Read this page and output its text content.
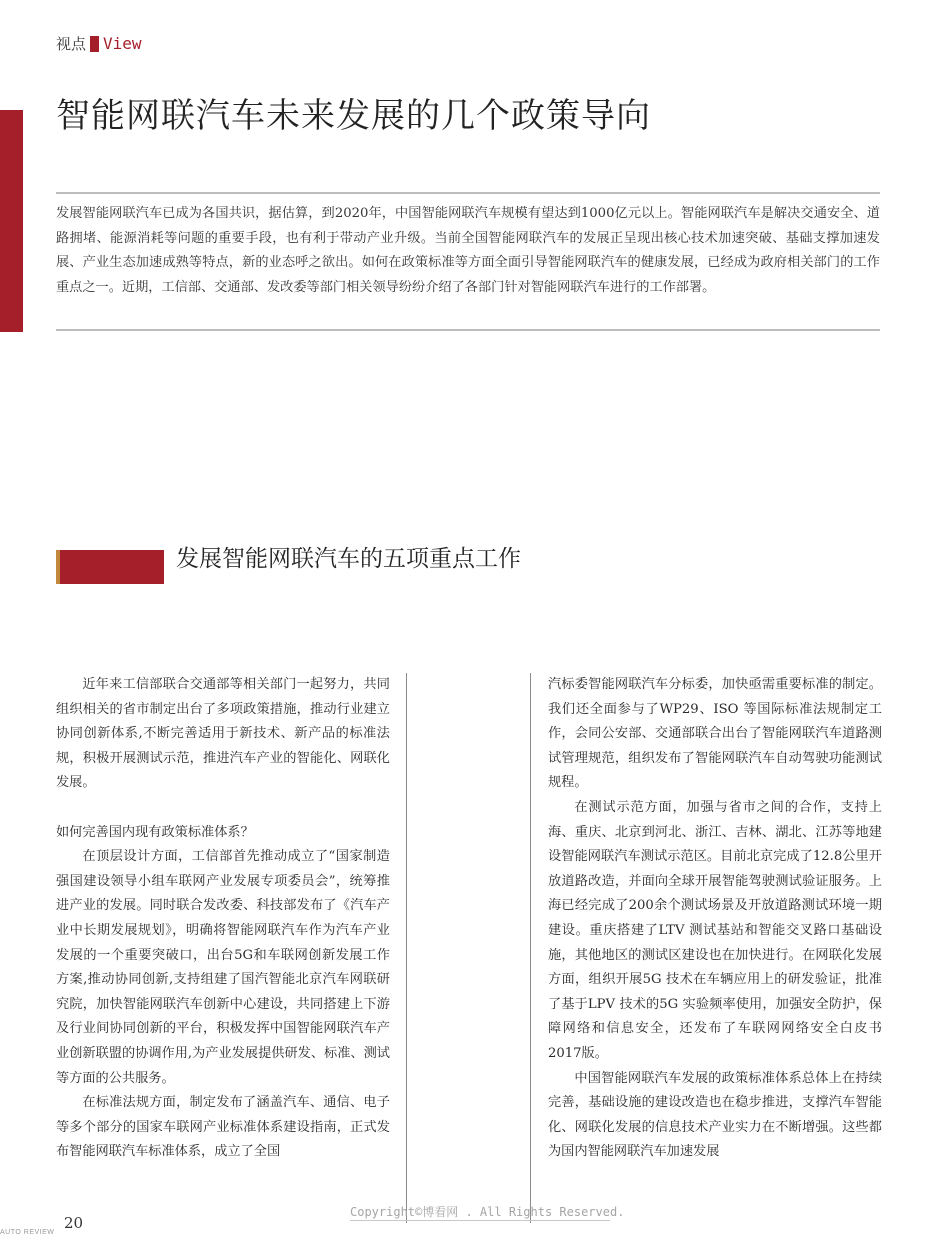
视点 View
智能网联汽车未来发展的几个政策导向
发展智能网联汽车已成为各国共识，据估算，到2020年，中国智能网联汽车规模有望达到1000亿元以上。智能网联汽车是解决交通安全、道路拥堵、能源消耗等问题的重要手段，也有利于带动产业升级。当前全国智能网联汽车的发展正呈现出核心技术加速突破、基础支撑加速发展、产业生态加速成熟等特点，新的业态呼之欲出。如何在政策标准等方面全面引导智能网联汽车的健康发展，已经成为政府相关部门的工作重点之一。近期，工信部、交通部、发改委等部门相关领导纷纷介绍了各部门针对智能网联汽车进行的工作部署。
发展智能网联汽车的五项重点工作

近年来工信部联合交通部等相关部门一起努力，共同组织相关的省市制定出台了多项政策措施，推动行业建立协同创新体系,不断完善适用于新技术、新产品的标准法规，积极开展测试示范，推进汽车产业的智能化、网联化发展。

如何完善国内现有政策标准体系？

在顶层设计方面，工信部首先推动成立了“国家制造强国建设领导小组车联网产业发展专项委员会”，统筹推进产业的发展。同时联合发改委、科技部发布了《汽车产业中长期发展规划》，明确将智能网联汽车作为汽车产业发展的一个重要突破口，出台5G和车联网创新发展工作方案,推动协同创新,支持组建了国汽智能北京汽车网联研究院，加快智能网联汽车创新中心建设，共同搭建上下游及行业间协同创新的平台，积极发挥中国智能网联汽车产业创新联盟的协调作用,为产业发展提供研发、标准、测试等方面的公共服务。

在标准法规方面，制定发布了涵盖汽车、通信、电子等多个部分的国家车联网产业标准体系建设指南，正式发布智能网联汽车标准体系，成立了全国

汽标委智能网联汽车分标委，加快亟需重要标准的制定。我们还全面参与了WP29、ISO 等国际标准法规制定工作，会同公安部、交通部联合出台了智能网联汽车道路测试管理规范，组织发布了智能网联汽车自动驾驶功能测试规程。

在测试示范方面，加强与省市之间的合作，支持上海、重庆、北京到河北、浙江、吉林、湖北、江苏等地建设智能网联汽车测试示范区。目前北京完成了12.8公里开放道路改造，并面向全球开展智能驾驶测试验证服务。上海已经完成了200余个测试场景及开放道路测试环境一期建设。重庆搭建了LTV 测试基站和智能交叉路口基础设施，其他地区的测试区建设也在加快进行。在网联化发展方面，组织开展5G 技术在车辆应用上的研发验证，批准了基于LPV 技术的5G 实验频率使用，加强安全防护，保障网络和信息安全，还发布了车联网网络安全白皮书2017版。

中国智能网联汽车发展的政策标准体系总体上在持续完善，基础设施的建设改造也在稳步推进，支撑汽车智能化、网联化发展的信息技术产业实力在不断增强。这些都为国内智能网联汽车加速发展

Copyright©博看网 . All Rights Reserved.
AUTO REVIEW
20
